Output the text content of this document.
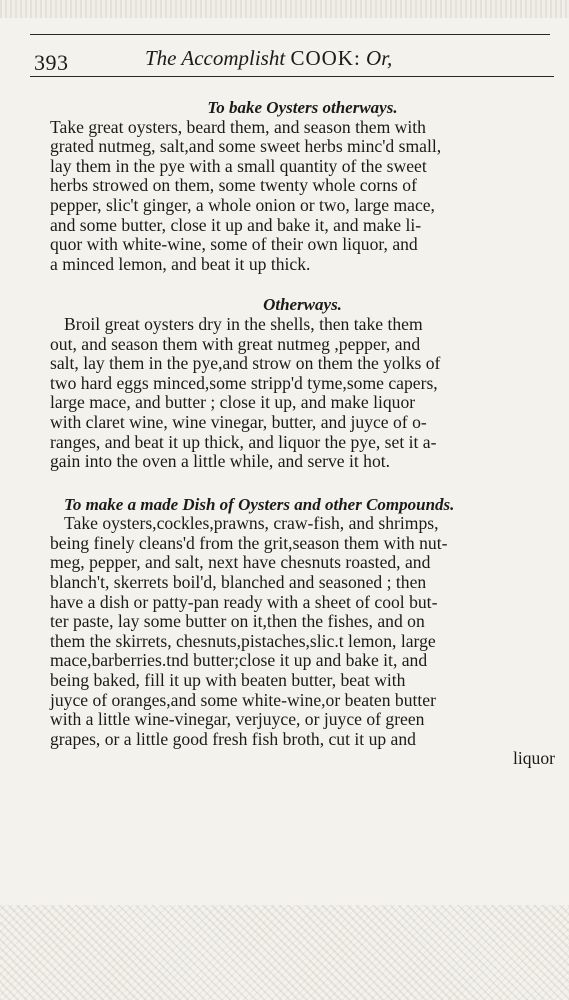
393	The Accomplisht COOK: Or,
To bake Oysters otherways.

Take great oysters, beard them, and season them with
grated nutmeg, salt,and some sweet herbs minc'd small,
lay them in the pye with a small quantity of the sweet
herbs strowed on them, some twenty whole corns of
pepper, slic't ginger, a whole onion or two, large mace,
and some butter, close it up and bake it, and make li-
quor with white-wine, some of their own liquor, and
a minced lemon, and beat it up thick.

Otherways.

Broil great oysters dry in the shells, then take them
out, and season them with great nutmeg ,pepper, and
salt, lay them in the pye,and strow on them the yolks of
two hard eggs minced,some stripp'd tyme,some capers,
large mace, and butter ; close it up, and make liquor
with claret wine, wine vinegar, butter, and juyce of o-
ranges, and beat it up thick, and liquor the pye, set it a-
gain into the oven a little while, and serve it hot.

To make a made Dish of Oysters and other Compounds.

Take oysters,cockles,prawns, craw-fish, and shrimps,
being finely cleans'd from the grit,season them with nut-
meg, pepper, and salt, next have chesnuts roasted, and
blanch't, skerrets boil'd, blanched and seasoned ; then
have a dish or patty-pan ready with a sheet of cool but-
ter paste, lay some butter on it,then the fishes, and on
them the skirrets, chesnuts,pistaches,slic.t lemon, large
mace,barberries.tnd butter;close it up and bake it, and
being baked, fill it up with beaten butter, beat with
juyce of oranges,and some white-wine,or beaten butter
with a little wine-vinegar, verjuyce, or juyce of green
grapes, or a little good fresh fish broth, cut it up and
liquor
